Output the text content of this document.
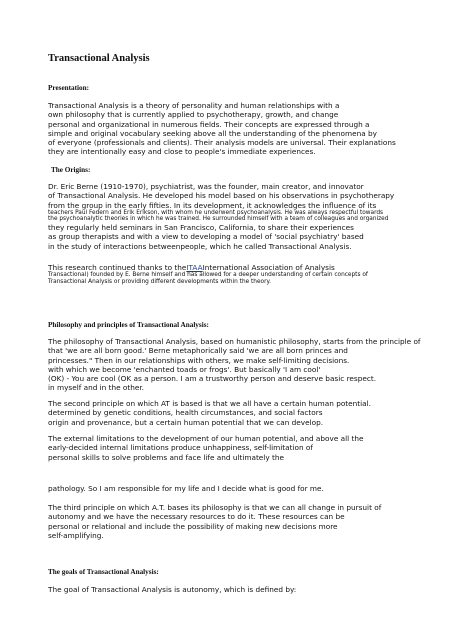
Transactional Analysis
Presentation:
Transactional Analysis is a theory of personality and human relationships with a
own philosophy that is currently applied to psychotherapy, growth, and change
personal and organizational in numerous fields. Their concepts are expressed through a
simple and original vocabulary seeking above all the understanding of the phenomena by
of everyone (professionals and clients). Their analysis models are universal. Their explanations
they are intentionally easy and close to people's immediate experiences.
The Origins:
Dr. Eric Berne (1910-1970), psychiatrist, was the founder, main creator, and innovator
of Transactional Analysis. He developed his model based on his observations in psychotherapy
from the group in the early fifties. In its development, it acknowledges the influence of its
teachers Paul Federn and Erik Erikson, with whom he underwent psychoanalysis. He was always respectful towards
the psychoanalytic theories in which he was trained. He surrounded himself with a team of colleagues and organized
they regularly held seminars in San Francisco, California, to share their experiences
as group therapists and with a view to developing a model of 'social psychiatry' based
in the study of interactions betweenpeople, which he called Transactional Analysis.
This research continued thanks to theITAAInternational Association of Analysis
Transactional) founded by E. Berne himself and has allowed for a deeper understanding of certain concepts of
Transactional Analysis or providing different developments within the theory.
Philosophy and principles of Transactional Analysis:
The philosophy of Transactional Analysis, based on humanistic philosophy, starts from the principle of
that 'we are all born good.' Berne metaphorically said 'we are all born princes and
princesses." Then in our relationships with others, we make self-limiting decisions.
with which we become 'enchanted toads or frogs'. But basically 'I am cool'
(OK) - You are cool (OK as a person. I am a trustworthy person and deserve basic respect.
in myself and in the other.
The second principle on which AT is based is that we all have a certain human potential.
determined by genetic conditions, health circumstances, and social factors
origin and provenance, but a certain human potential that we can develop.
The external limitations to the development of our human potential, and above all the
early-decided internal limitations produce unhappiness, self-limitation of
personal skills to solve problems and face life and ultimately the
pathology. So I am responsible for my life and I decide what is good for me.
The third principle on which A.T. bases its philosophy is that we can all change in pursuit of
autonomy and we have the necessary resources to do it. These resources can be
personal or relational and include the possibility of making new decisions more
self-amplifying.
The goals of Transactional Analysis:
The goal of Transactional Analysis is autonomy, which is defined by:
